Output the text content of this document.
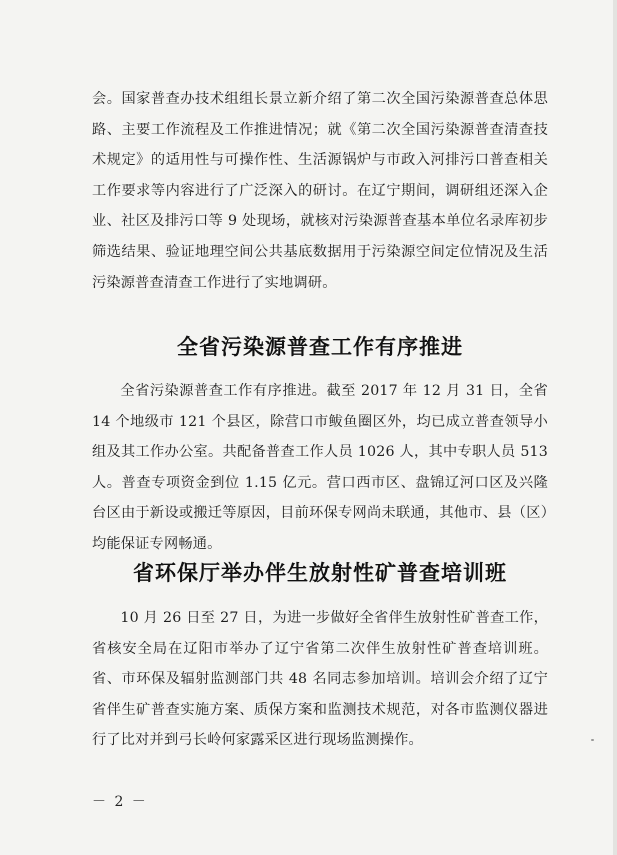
会。国家普查办技术组组长景立新介绍了第二次全国污染源普查总体思路、主要工作流程及工作推进情况；就《第二次全国污染源普查清查技术规定》的适用性与可操作性、生活源锅炉与市政入河排污口普查相关工作要求等内容进行了广泛深入的研讨。在辽宁期间，调研组还深入企业、社区及排污口等 9 处现场，就核对污染源普查基本单位名录库初步筛选结果、验证地理空间公共基底数据用于污染源空间定位情况及生活污染源普查清查工作进行了实地调研。

全省污染源普查工作有序推进

全省污染源普查工作有序推进。截至 2017 年 12 月 31 日，全省 14 个地级市 121 个县区，除营口市鲅鱼圈区外，均已成立普查领导小组及其工作办公室。共配备普查工作人员 1026 人，其中专职人员 513 人。普查专项资金到位 1.15 亿元。营口西市区、盘锦辽河口区及兴隆台区由于新设或搬迁等原因，目前环保专网尚未联通，其他市、县（区）均能保证专网畅通。

省环保厅举办伴生放射性矿普查培训班

10 月 26 日至 27 日，为进一步做好全省伴生放射性矿普查工作，省核安全局在辽阳市举办了辽宁省第二次伴生放射性矿普查培训班。省、市环保及辐射监测部门共 48 名同志参加培训。培训会介绍了辽宁省伴生矿普查实施方案、质保方案和监测技术规范，对各市监测仪器进行了比对并到弓长岭何家露采区进行现场监测操作。

－ 2 －
